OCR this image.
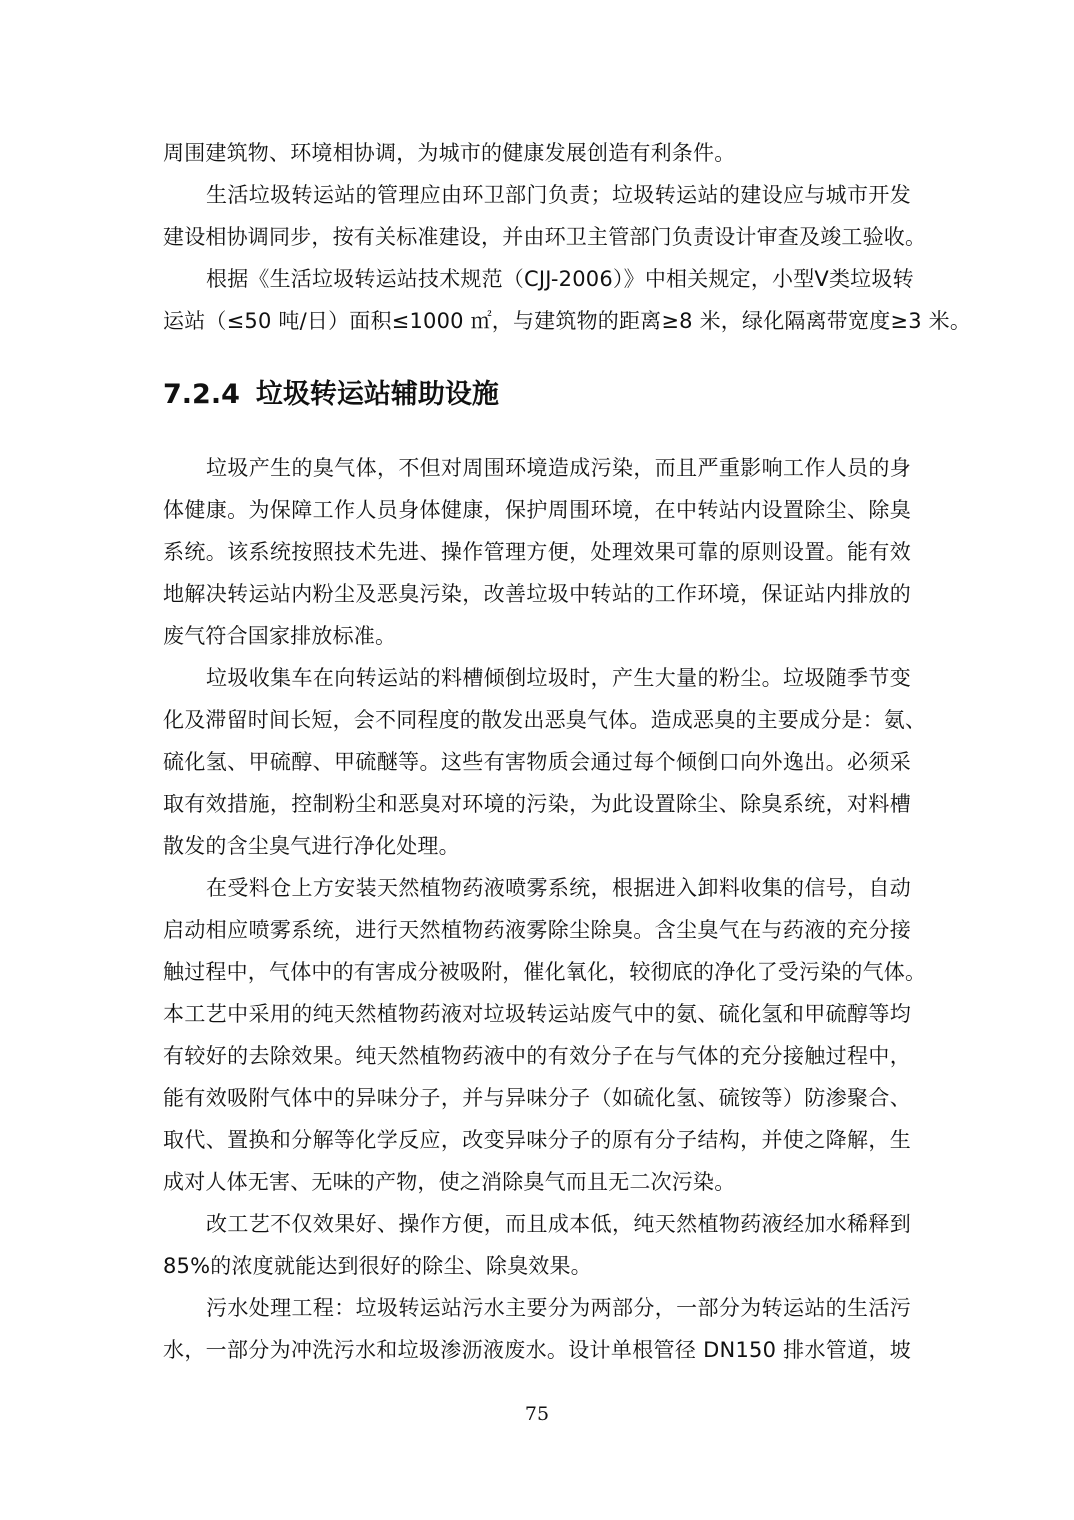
周围建筑物、环境相协调，为城市的健康发展创造有利条件。
生活垃圾转运站的管理应由环卫部门负责；垃圾转运站的建设应与城市开发
建设相协调同步，按有关标准建设，并由环卫主管部门负责设计审查及竣工验收。
根据《生活垃圾转运站技术规范（CJJ-2006）》中相关规定，小型Ⅴ类垃圾转
运站（≤50 吨/日）面积≤1000 ㎡，与建筑物的距离≥8 米，绿化隔离带宽度≥3 米。
7.2.4 垃圾转运站辅助设施
垃圾产生的臭气体，不但对周围环境造成污染，而且严重影响工作人员的身
体健康。为保障工作人员身体健康，保护周围环境，在中转站内设置除尘、除臭
系统。该系统按照技术先进、操作管理方便，处理效果可靠的原则设置。能有效
地解决转运站内粉尘及恶臭污染，改善垃圾中转站的工作环境，保证站内排放的
废气符合国家排放标准。
垃圾收集车在向转运站的料槽倾倒垃圾时，产生大量的粉尘。垃圾随季节变
化及滞留时间长短，会不同程度的散发出恶臭气体。造成恶臭的主要成分是：氨、
硫化氢、甲硫醇、甲硫醚等。这些有害物质会通过每个倾倒口向外逸出。必须采
取有效措施，控制粉尘和恶臭对环境的污染，为此设置除尘、除臭系统，对料槽
散发的含尘臭气进行净化处理。
在受料仓上方安装天然植物药液喷雾系统，根据进入卸料收集的信号，自动
启动相应喷雾系统，进行天然植物药液雾除尘除臭。含尘臭气在与药液的充分接
触过程中，气体中的有害成分被吸附，催化氧化，较彻底的净化了受污染的气体。
本工艺中采用的纯天然植物药液对垃圾转运站废气中的氨、硫化氢和甲硫醇等均
有较好的去除效果。纯天然植物药液中的有效分子在与气体的充分接触过程中，
能有效吸附气体中的异味分子，并与异味分子（如硫化氢、硫铵等）防渗聚合、
取代、置换和分解等化学反应，改变异味分子的原有分子结构，并使之降解，生
成对人体无害、无味的产物，使之消除臭气而且无二次污染。
改工艺不仅效果好、操作方便，而且成本低，纯天然植物药液经加水稀释到
85%的浓度就能达到很好的除尘、除臭效果。
污水处理工程：垃圾转运站污水主要分为两部分，一部分为转运站的生活污
水，一部分为冲洗污水和垃圾渗沥液废水。设计单根管径 DN150 排水管道，坡
75
